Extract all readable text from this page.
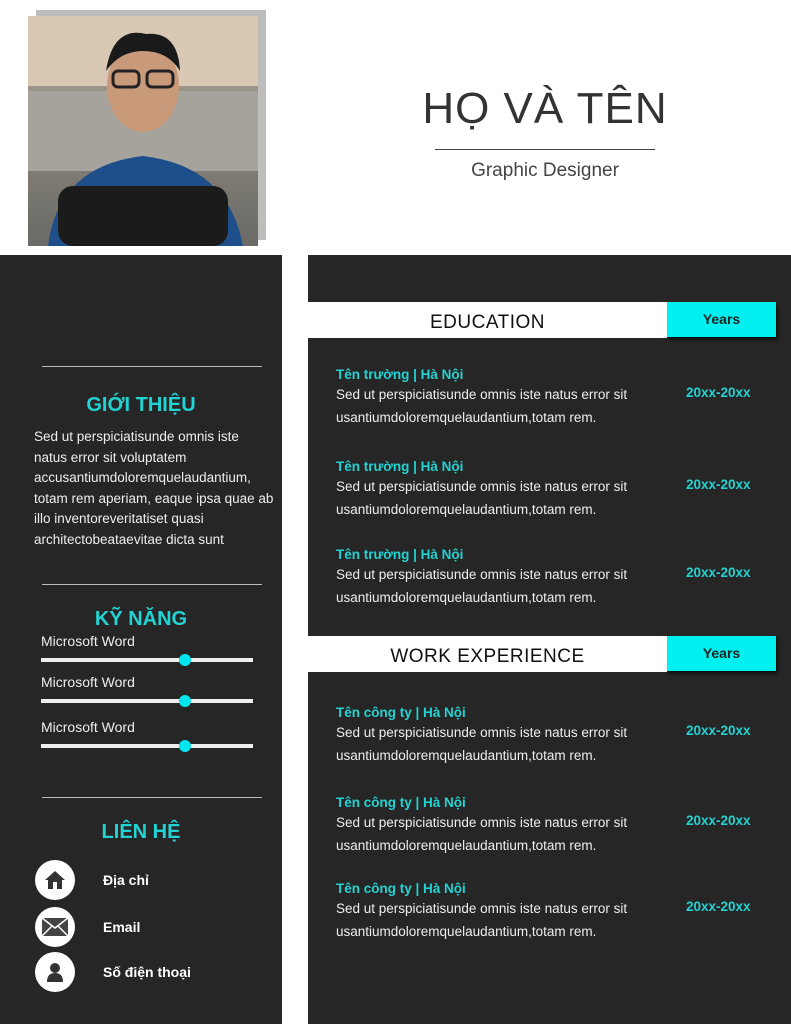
HỌ VÀ TÊN
Graphic Designer
GIỚI THIỆU
Sed ut perspiciatisunde omnis iste natus error sit voluptatem accusantiumdoloremquelaudantium, totam rem aperiam, eaque ipsa quae ab illo inventoreveritatiset quasi architectobeataevitae dicta sunt
KỸ NĂNG
Microsoft Word
Microsoft Word
Microsoft Word
LIÊN HỆ
Địa chỉ
Email
Số điện thoại
EDUCATION	Years
Tên trường | Hà Nội
Sed ut perspiciatisunde omnis iste natus error sit
usantiumdoloremquelaudantium,totam rem.
20xx-20xx
Tên trường | Hà Nội
Sed ut perspiciatisunde omnis iste natus error sit
usantiumdoloremquelaudantium,totam rem.
20xx-20xx
Tên trường | Hà Nội
Sed ut perspiciatisunde omnis iste natus error sit
usantiumdoloremquelaudantium,totam rem.
20xx-20xx
WORK EXPERIENCE	Years
Tên công ty | Hà Nội
Sed ut perspiciatisunde omnis iste natus error sit
usantiumdoloremquelaudantium,totam rem.
20xx-20xx
Tên công ty | Hà Nội
Sed ut perspiciatisunde omnis iste natus error sit
usantiumdoloremquelaudantium,totam rem.
20xx-20xx
Tên công ty | Hà Nội
Sed ut perspiciatisunde omnis iste natus error sit
usantiumdoloremquelaudantium,totam rem.
20xx-20xx
